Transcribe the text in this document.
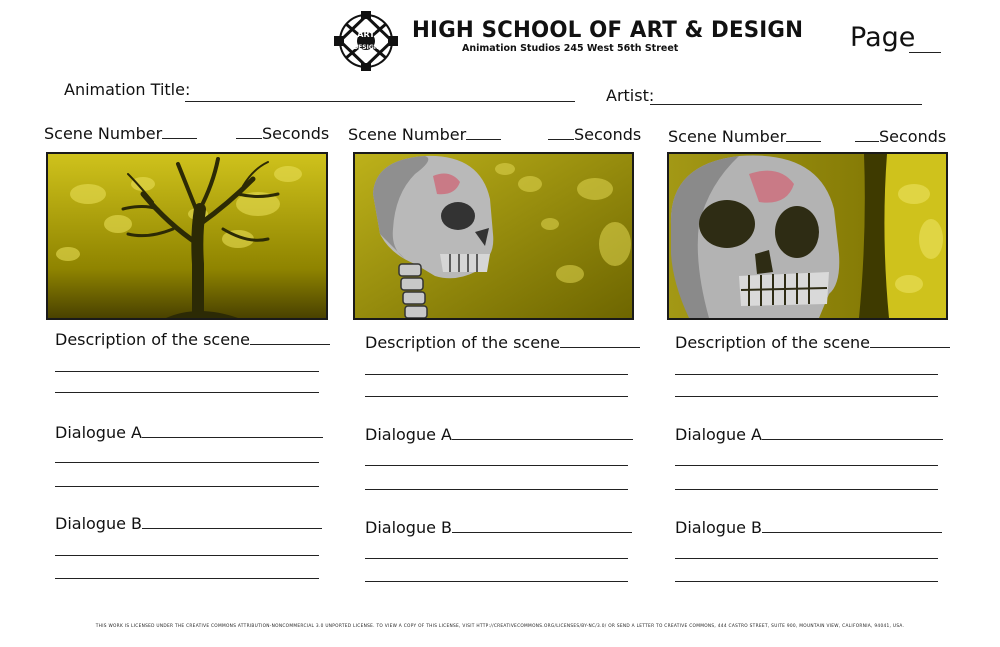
ART
DESIGN
HIGH SCHOOL OF ART & DESIGN
Animation Studios 245 West 56th Street	Page
Animation Title:	Artist:
Scene Number	Seconds
Description of the scene
Dialogue A
Dialogue B
Scene Number	Seconds
Description of the scene
Dialogue A
Dialogue B
Scene Number	Seconds
Description of the scene
Dialogue A
Dialogue B
THIS WORK IS LICENSED UNDER THE CREATIVE COMMONS ATTRIBUTION-NONCOMMERCIAL 3.0 UNPORTED LICENSE. TO VIEW A COPY OF THIS LICENSE, VISIT HTTP://CREATIVECOMMONS.ORG/LICENSES/BY-NC/3.0/ OR SEND A LETTER TO CREATIVE COMMONS, 444 CASTRO STREET, SUITE 900, MOUNTAIN VIEW, CALIFORNIA, 94041, USA.
